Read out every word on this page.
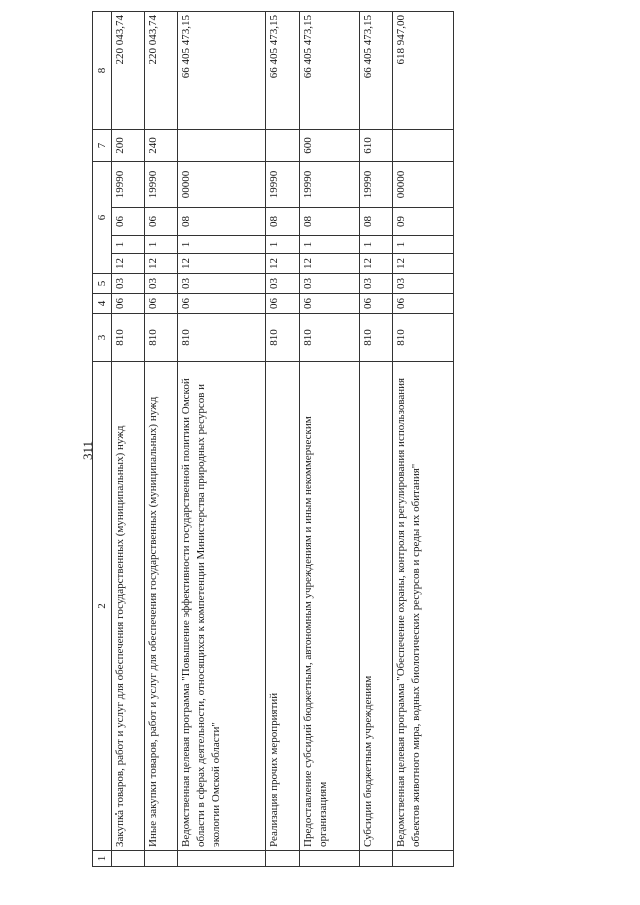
311
1	2	3	4	5	6				7	8
	Закупка товаров, работ и услуг для обеспечения государственных (муниципальных) нужд	810	06	03	12	1	06	19990	200	220 043,74
	Иные закупки товаров, работ и услуг для обеспечения государственных (муниципальных) нужд	810	06	03	12	1	06	19990	240	220 043,74
	Ведомственная целевая программа "Повышение эффективности государственной политики Омской области в сферах деятельности, относящихся к компетенции Министерства природных ресурсов и экологии Омской области"	810	06	03	12	1	08	00000		66 405 473,15
	Реализация прочих мероприятий	810	06	03	12	1	08	19990		66 405 473,15
	Предоставление субсидий бюджетным, автономным учреждениям и иным некоммерческим организациям	810	06	03	12	1	08	19990	600	66 405 473,15
	Субсидии бюджетным учреждениям	810	06	03	12	1	08	19990	610	66 405 473,15
	Ведомственная целевая программа "Обеспечение охраны, контроля и регулирования использования объектов животного мира, водных биологических ресурсов и среды их обитания"	810	06	03	12	1	09	00000		618 947,00
